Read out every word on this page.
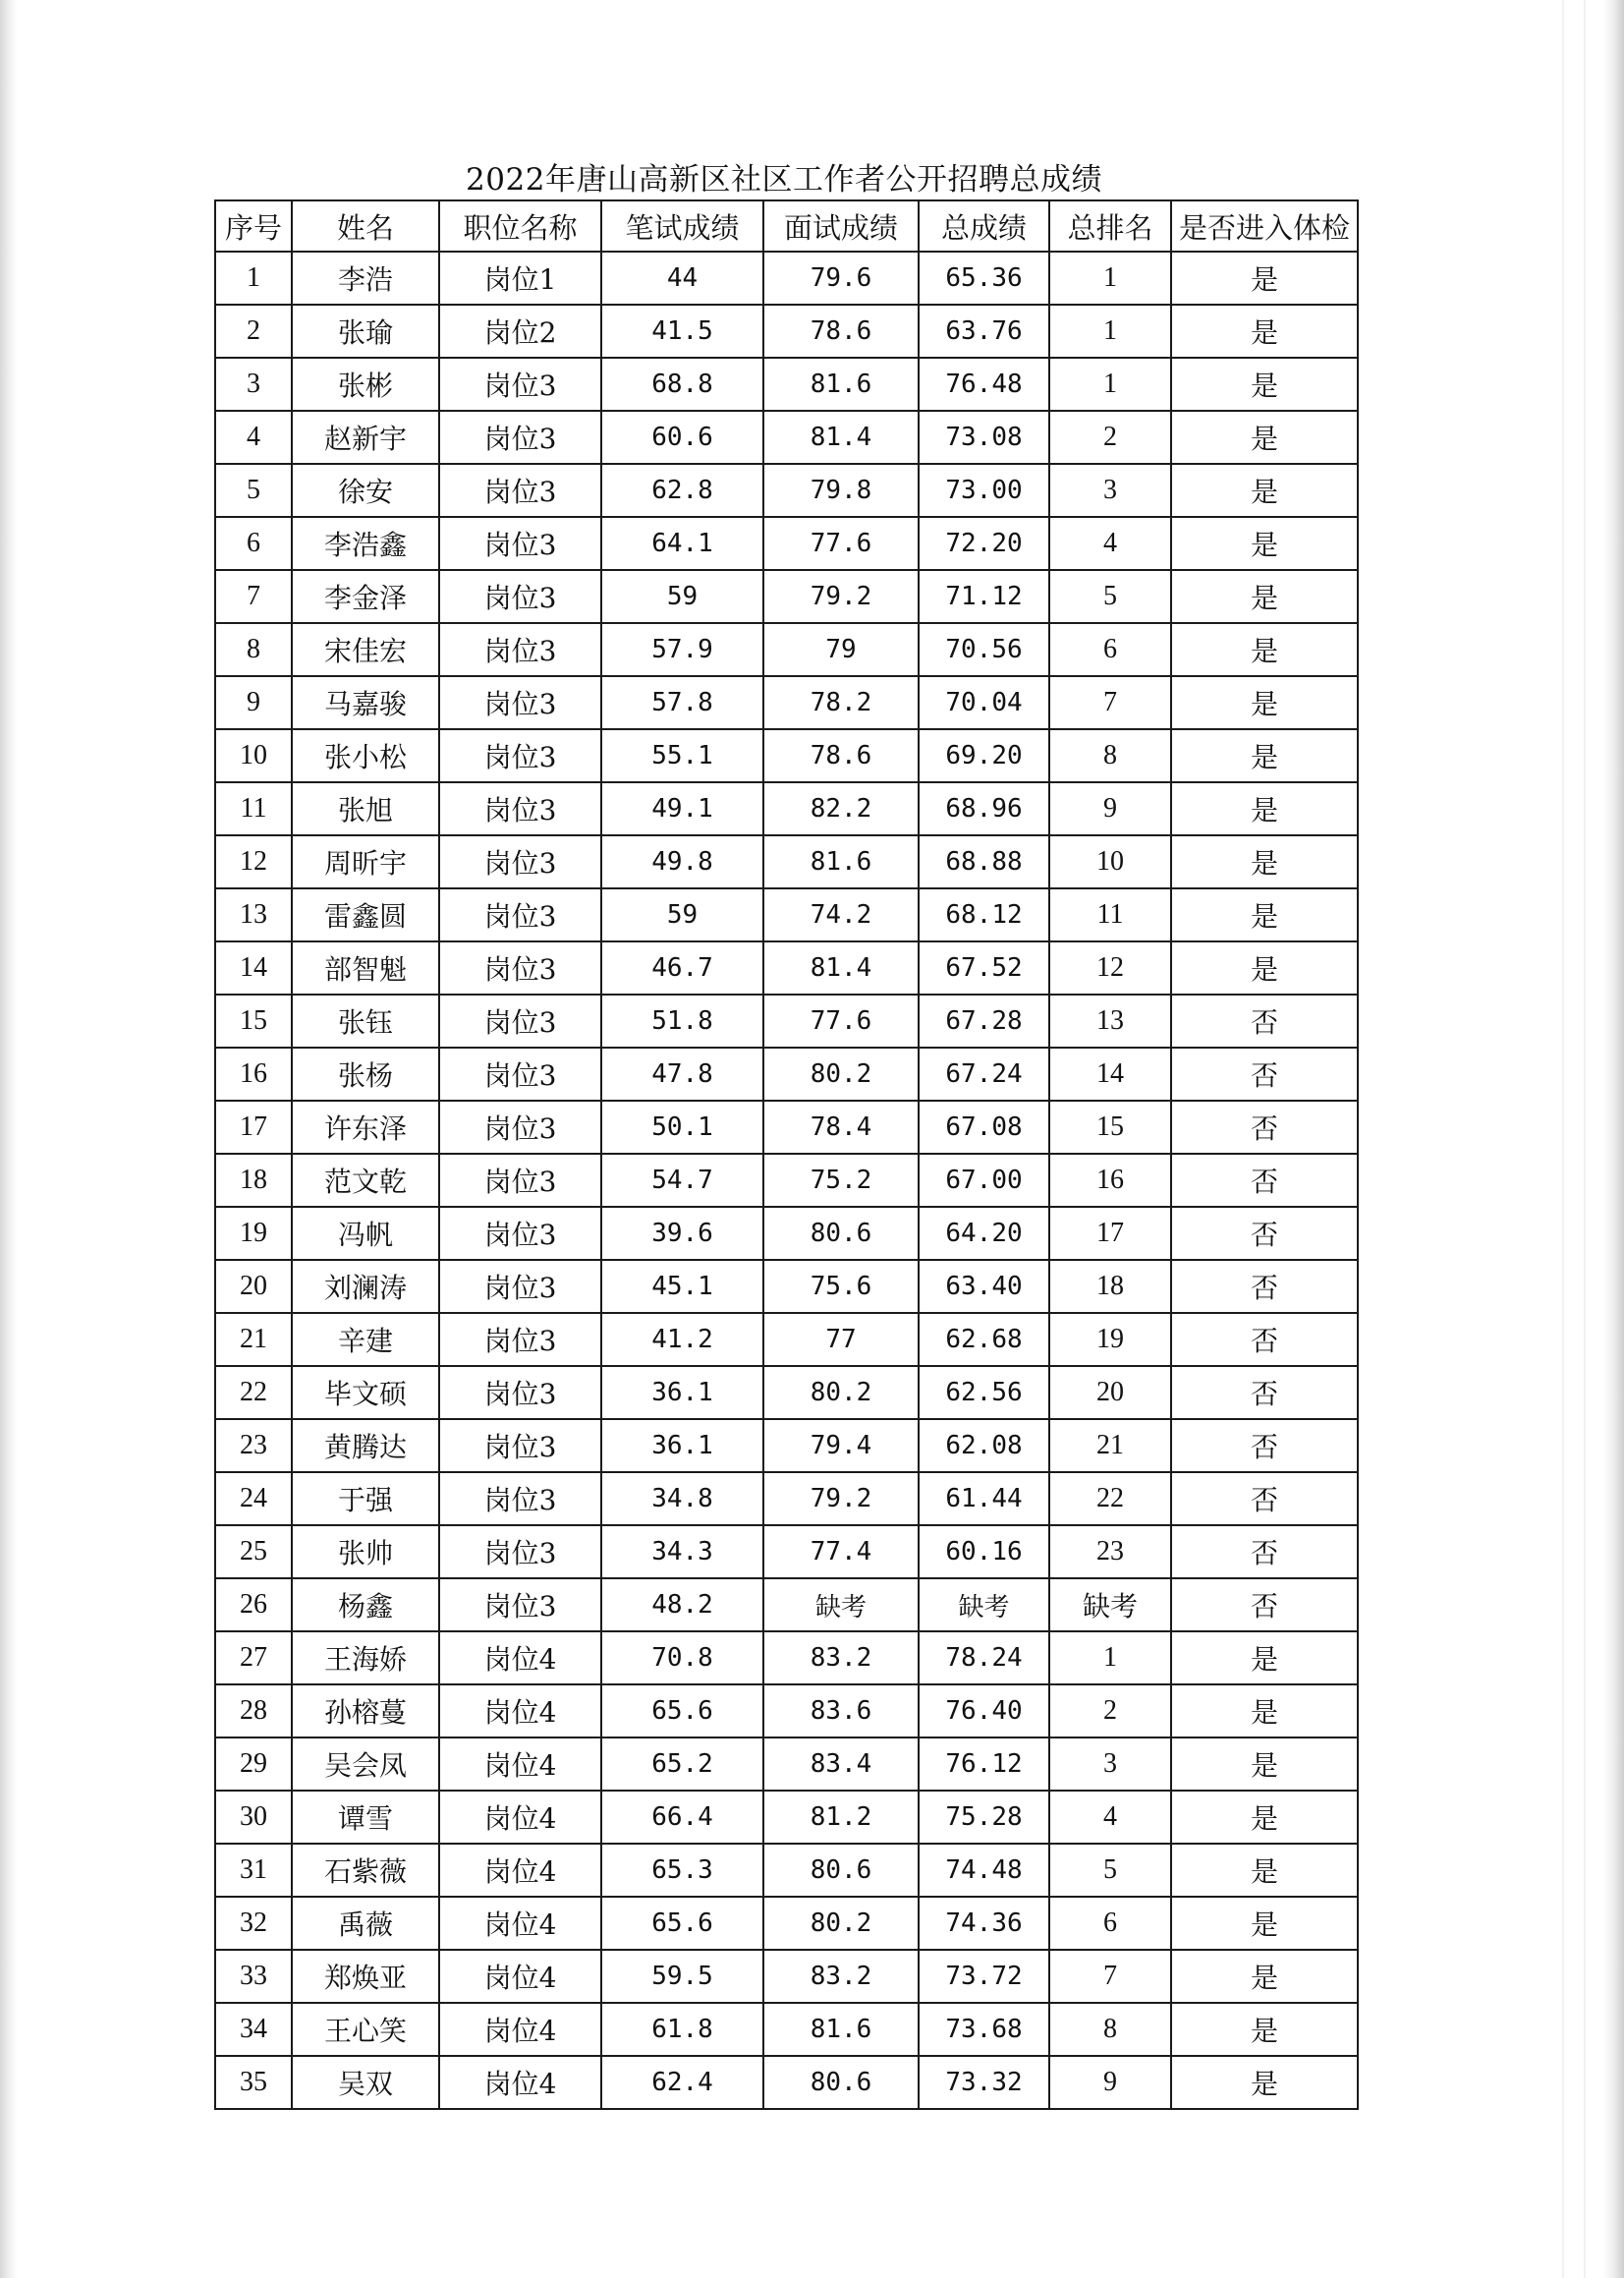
2022年唐山高新区社区工作者公开招聘总成绩
序号	姓名	职位名称	笔试成绩	面试成绩	总成绩	总排名	是否进入体检
1	李浩	岗位1	44	79.6	65.36	1	是
2	张瑜	岗位2	41.5	78.6	63.76	1	是
3	张彬	岗位3	68.8	81.6	76.48	1	是
4	赵新宇	岗位3	60.6	81.4	73.08	2	是
5	徐安	岗位3	62.8	79.8	73.00	3	是
6	李浩鑫	岗位3	64.1	77.6	72.20	4	是
7	李金泽	岗位3	59	79.2	71.12	5	是
8	宋佳宏	岗位3	57.9	79	70.56	6	是
9	马嘉骏	岗位3	57.8	78.2	70.04	7	是
10	张小松	岗位3	55.1	78.6	69.20	8	是
11	张旭	岗位3	49.1	82.2	68.96	9	是
12	周昕宇	岗位3	49.8	81.6	68.88	10	是
13	雷鑫圆	岗位3	59	74.2	68.12	11	是
14	部智魁	岗位3	46.7	81.4	67.52	12	是
15	张钰	岗位3	51.8	77.6	67.28	13	否
16	张杨	岗位3	47.8	80.2	67.24	14	否
17	许东泽	岗位3	50.1	78.4	67.08	15	否
18	范文乾	岗位3	54.7	75.2	67.00	16	否
19	冯帆	岗位3	39.6	80.6	64.20	17	否
20	刘澜涛	岗位3	45.1	75.6	63.40	18	否
21	辛建	岗位3	41.2	77	62.68	19	否
22	毕文硕	岗位3	36.1	80.2	62.56	20	否
23	黄腾达	岗位3	36.1	79.4	62.08	21	否
24	于强	岗位3	34.8	79.2	61.44	22	否
25	张帅	岗位3	34.3	77.4	60.16	23	否
26	杨鑫	岗位3	48.2	缺考	缺考	缺考	否
27	王海娇	岗位4	70.8	83.2	78.24	1	是
28	孙榕蔓	岗位4	65.6	83.6	76.40	2	是
29	吴会凤	岗位4	65.2	83.4	76.12	3	是
30	谭雪	岗位4	66.4	81.2	75.28	4	是
31	石紫薇	岗位4	65.3	80.6	74.48	5	是
32	禹薇	岗位4	65.6	80.2	74.36	6	是
33	郑焕亚	岗位4	59.5	83.2	73.72	7	是
34	王心笑	岗位4	61.8	81.6	73.68	8	是
35	吴双	岗位4	62.4	80.6	73.32	9	是
